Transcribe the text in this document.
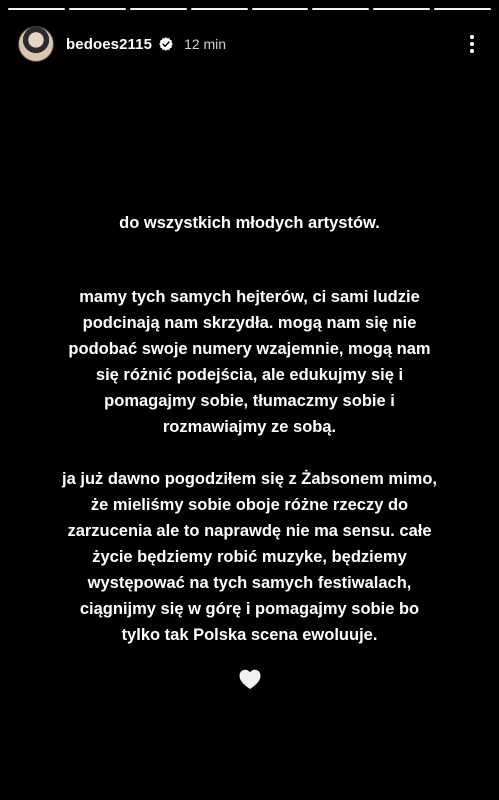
bedoes2115 12 min
do wszystkich młodych artystów.
mamy tych samych hejterów, ci sami ludzie
podcinają nam skrzydła. mogą nam się nie
podobać swoje numery wzajemnie, mogą nam
się różnić podejścia, ale edukujmy się i
pomagajmy sobie, tłumaczmy sobie i
rozmawiajmy ze sobą.
ja już dawno pogodziłem się z Żabsonem mimo,
że mieliśmy sobie oboje różne rzeczy do
zarzucenia ale to naprawdę nie ma sensu. całe
życie będziemy robić muzyke, będziemy
występować na tych samych festiwalach,
ciągnijmy się w górę i pomagajmy sobie bo
tylko tak Polska scena ewoluuje.
